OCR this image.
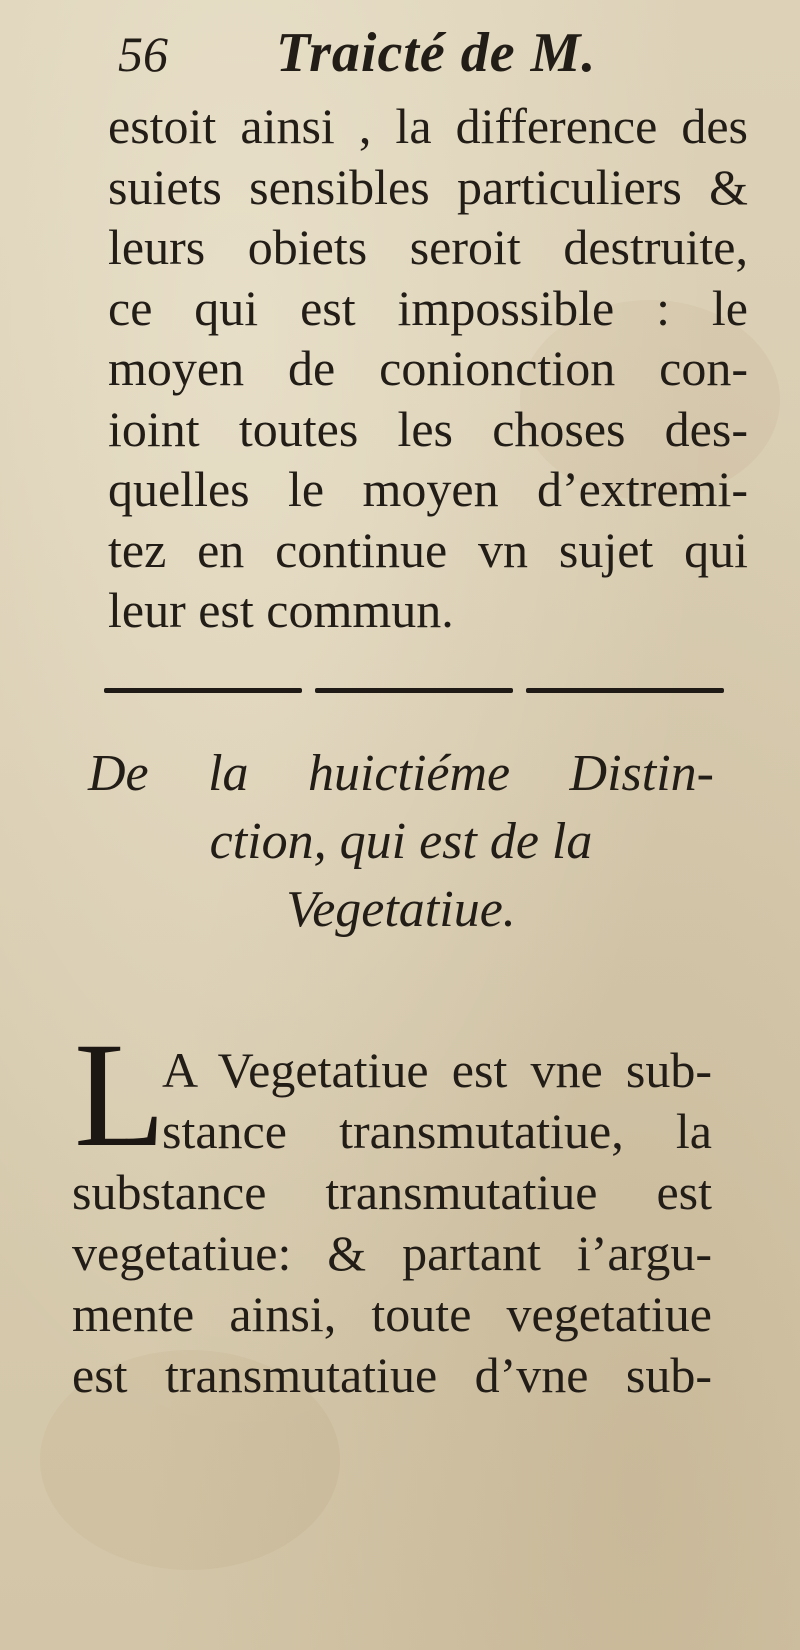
56 Traicté de M.
estoit ainsi , la difference des
suiets sensibles particuliers &
leurs obiets seroit destruite,
ce qui est impossible : le
moyen de conionction con-
ioint toutes les choses des-
quelles le moyen d’extremi-
tez en continue vn sujet qui
leur est commun.
De la huictiéme Distin-
ction, qui est de la
Vegetatiue.
L
A Vegetatiue est vne sub-
stance transmutatiue, la
substance transmutatiue est
vegetatiue: & partant i’argu-
mente ainsi, toute vegetatiue
est transmutatiue d’vne sub-
